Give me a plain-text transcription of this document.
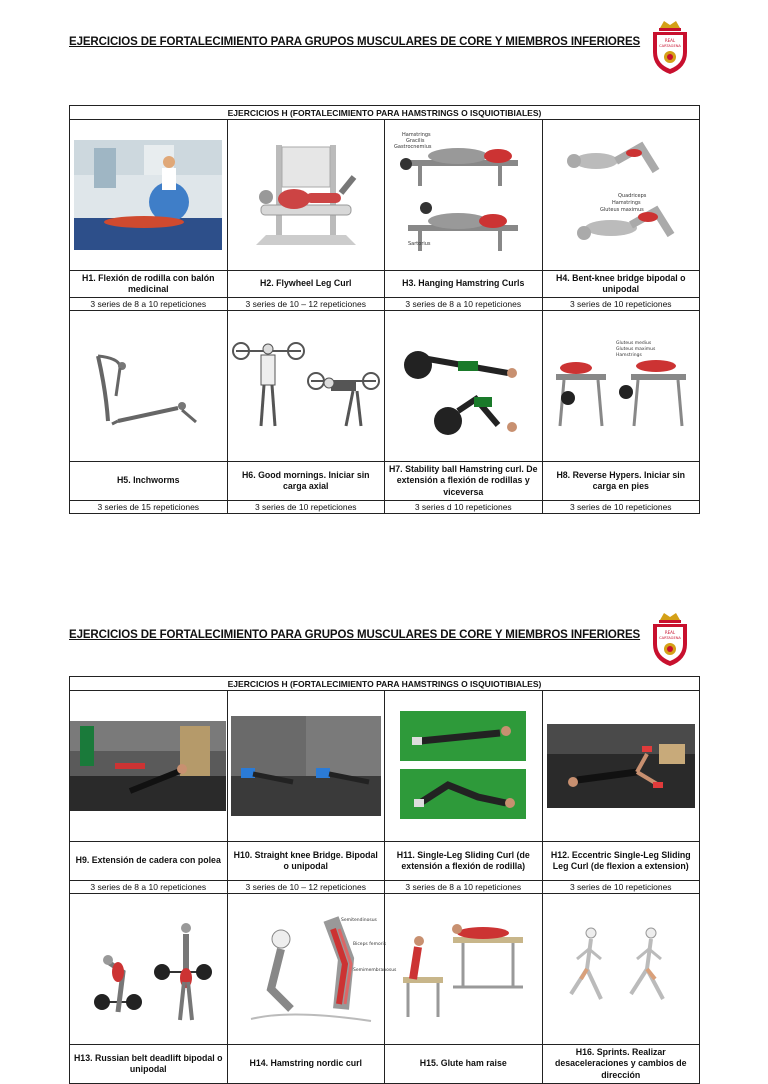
EJERCICIOS DE FORTALECIMIENTO PARA GRUPOS MUSCULARES DE CORE Y MIEMBROS INFERIORES	REAL
CARTAGENA
EJERCICIOS H (FORTALECIMIENTO PARA HAMSTRINGS O ISQUIOTIBIALES)			

Hamstrings
Gracilis
Gastrocnemius
Sartorius	Quadriceps
Hamstrings
Gluteus maximus

H1. Flexión de rodilla con balón medicinal	H2. Flywheel Leg Curl	H3. Hanging Hamstring Curls	H4. Bent-knee bridge bipodal o unipodal
3 series de 8 a 10 repeticiones	3 series de 10 – 12 repeticiones	3 series de 8 a 10 repeticiones	3 series de 10 repeticiones

Gluteus medius
Gluteus maximus
Hamstrings

H5. Inchworms	H6. Good mornings. Iniciar sin carga axial	H7. Stability ball Hamstring curl. De extensión a flexión de rodillas y viceversa	H8. Reverse Hypers. Iniciar sin carga en pies
3 series de 15 repeticiones	3 series de 10 repeticiones	3 series d 10 repeticiones	3 series de 10 repeticiones
EJERCICIOS DE FORTALECIMIENTO PARA GRUPOS MUSCULARES DE CORE Y MIEMBROS INFERIORES	REAL
CARTAGENA
EJERCICIOS H (FORTALECIMIENTO PARA HAMSTRINGS O ISQUIOTIBIALES)			

H9. Extensión de cadera con polea	H10. Straight knee Bridge. Bipodal o unipodal	H11. Single-Leg Sliding Curl (de extensión a flexión de rodilla)	H12. Eccentric Single-Leg Sliding Leg Curl (de flexion a extension)
3 series de 8 a 10 repeticiones	3 series de 10 – 12 repeticiones	3 series de 8 a 10 repeticiones	3 series de 10 repeticiones

Semitendinosus
Biceps femoris
Semimembranosus

H13. Russian belt deadlift bipodal o unipodal	H14. Hamstring nordic curl	H15. Glute ham raise	H16. Sprints. Realizar desaceleraciones y cambios de dirección
